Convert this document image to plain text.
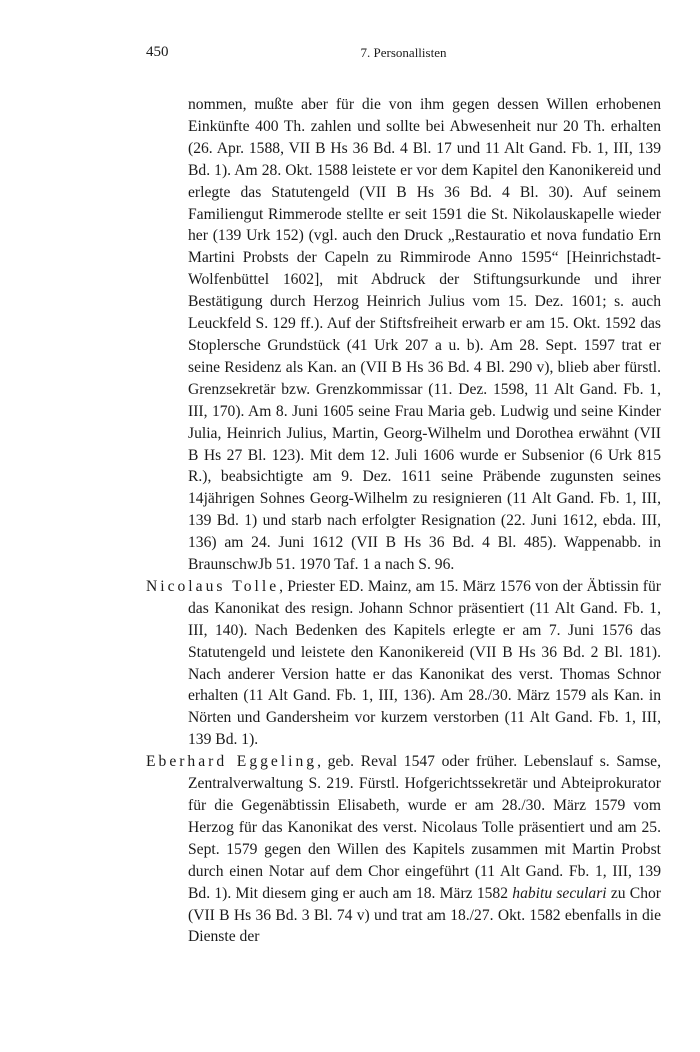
450	7. Personallisten

nommen, mußte aber für die von ihm gegen dessen Willen erhobenen Einkünfte 400 Th. zahlen und sollte bei Abwesenheit nur 20 Th. erhalten (26. Apr. 1588, VII B Hs 36 Bd. 4 Bl. 17 und 11 Alt Gand. Fb. 1, III, 139 Bd. 1). Am 28. Okt. 1588 leistete er vor dem Kapitel den Kanonikereid und erlegte das Statutengeld (VII B Hs 36 Bd. 4 Bl. 30). Auf seinem Familiengut Rimmerode stellte er seit 1591 die St. Nikolauskapelle wieder her (139 Urk 152) (vgl. auch den Druck „Restauratio et nova fundatio Ern Martini Probsts der Capeln zu Rimmirode Anno 1595“ [Heinrichstadt-Wolfenbüttel 1602], mit Abdruck der Stiftungsurkunde und ihrer Bestätigung durch Herzog Heinrich Julius vom 15. Dez. 1601; s. auch Leuckfeld S. 129 ff.). Auf der Stiftsfreiheit erwarb er am 15. Okt. 1592 das Stoplersche Grundstück (41 Urk 207 a u. b). Am 28. Sept. 1597 trat er seine Residenz als Kan. an (VII B Hs 36 Bd. 4 Bl. 290 v), blieb aber fürstl. Grenzsekretär bzw. Grenzkommissar (11. Dez. 1598, 11 Alt Gand. Fb. 1, III, 170). Am 8. Juni 1605 seine Frau Maria geb. Ludwig und seine Kinder Julia, Heinrich Julius, Martin, Georg-Wilhelm und Dorothea erwähnt (VII B Hs 27 Bl. 123). Mit dem 12. Juli 1606 wurde er Subsenior (6 Urk 815 R.), beabsichtigte am 9. Dez. 1611 seine Präbende zugunsten seines 14jährigen Sohnes Georg-Wilhelm zu resignieren (11 Alt Gand. Fb. 1, III, 139 Bd. 1) und starb nach erfolgter Resignation (22. Juni 1612, ebda. III, 136) am 24. Juni 1612 (VII B Hs 36 Bd. 4 Bl. 485). Wappenabb. in BraunschwJb 51. 1970 Taf. 1 a nach S. 96.

Nicolaus Tolle, Priester ED. Mainz, am 15. März 1576 von der Äbtissin für das Kanonikat des resign. Johann Schnor präsentiert (11 Alt Gand. Fb. 1, III, 140). Nach Bedenken des Kapitels erlegte er am 7. Juni 1576 das Statutengeld und leistete den Kanonikereid (VII B Hs 36 Bd. 2 Bl. 181). Nach anderer Version hatte er das Kanonikat des verst. Thomas Schnor erhalten (11 Alt Gand. Fb. 1, III, 136). Am 28./30. März 1579 als Kan. in Nörten und Gandersheim vor kurzem verstorben (11 Alt Gand. Fb. 1, III, 139 Bd. 1).

Eberhard Eggeling, geb. Reval 1547 oder früher. Lebenslauf s. Samse, Zentralverwaltung S. 219. Fürstl. Hofgerichtssekretär und Abteiprokurator für die Gegenäbtissin Elisabeth, wurde er am 28./30. März 1579 vom Herzog für das Kanonikat des verst. Nicolaus Tolle präsentiert und am 25. Sept. 1579 gegen den Willen des Kapitels zusammen mit Martin Probst durch einen Notar auf dem Chor eingeführt (11 Alt Gand. Fb. 1, III, 139 Bd. 1). Mit diesem ging er auch am 18. März 1582 habitu seculari zu Chor (VII B Hs 36 Bd. 3 Bl. 74 v) und trat am 18./27. Okt. 1582 ebenfalls in die Dienste der
